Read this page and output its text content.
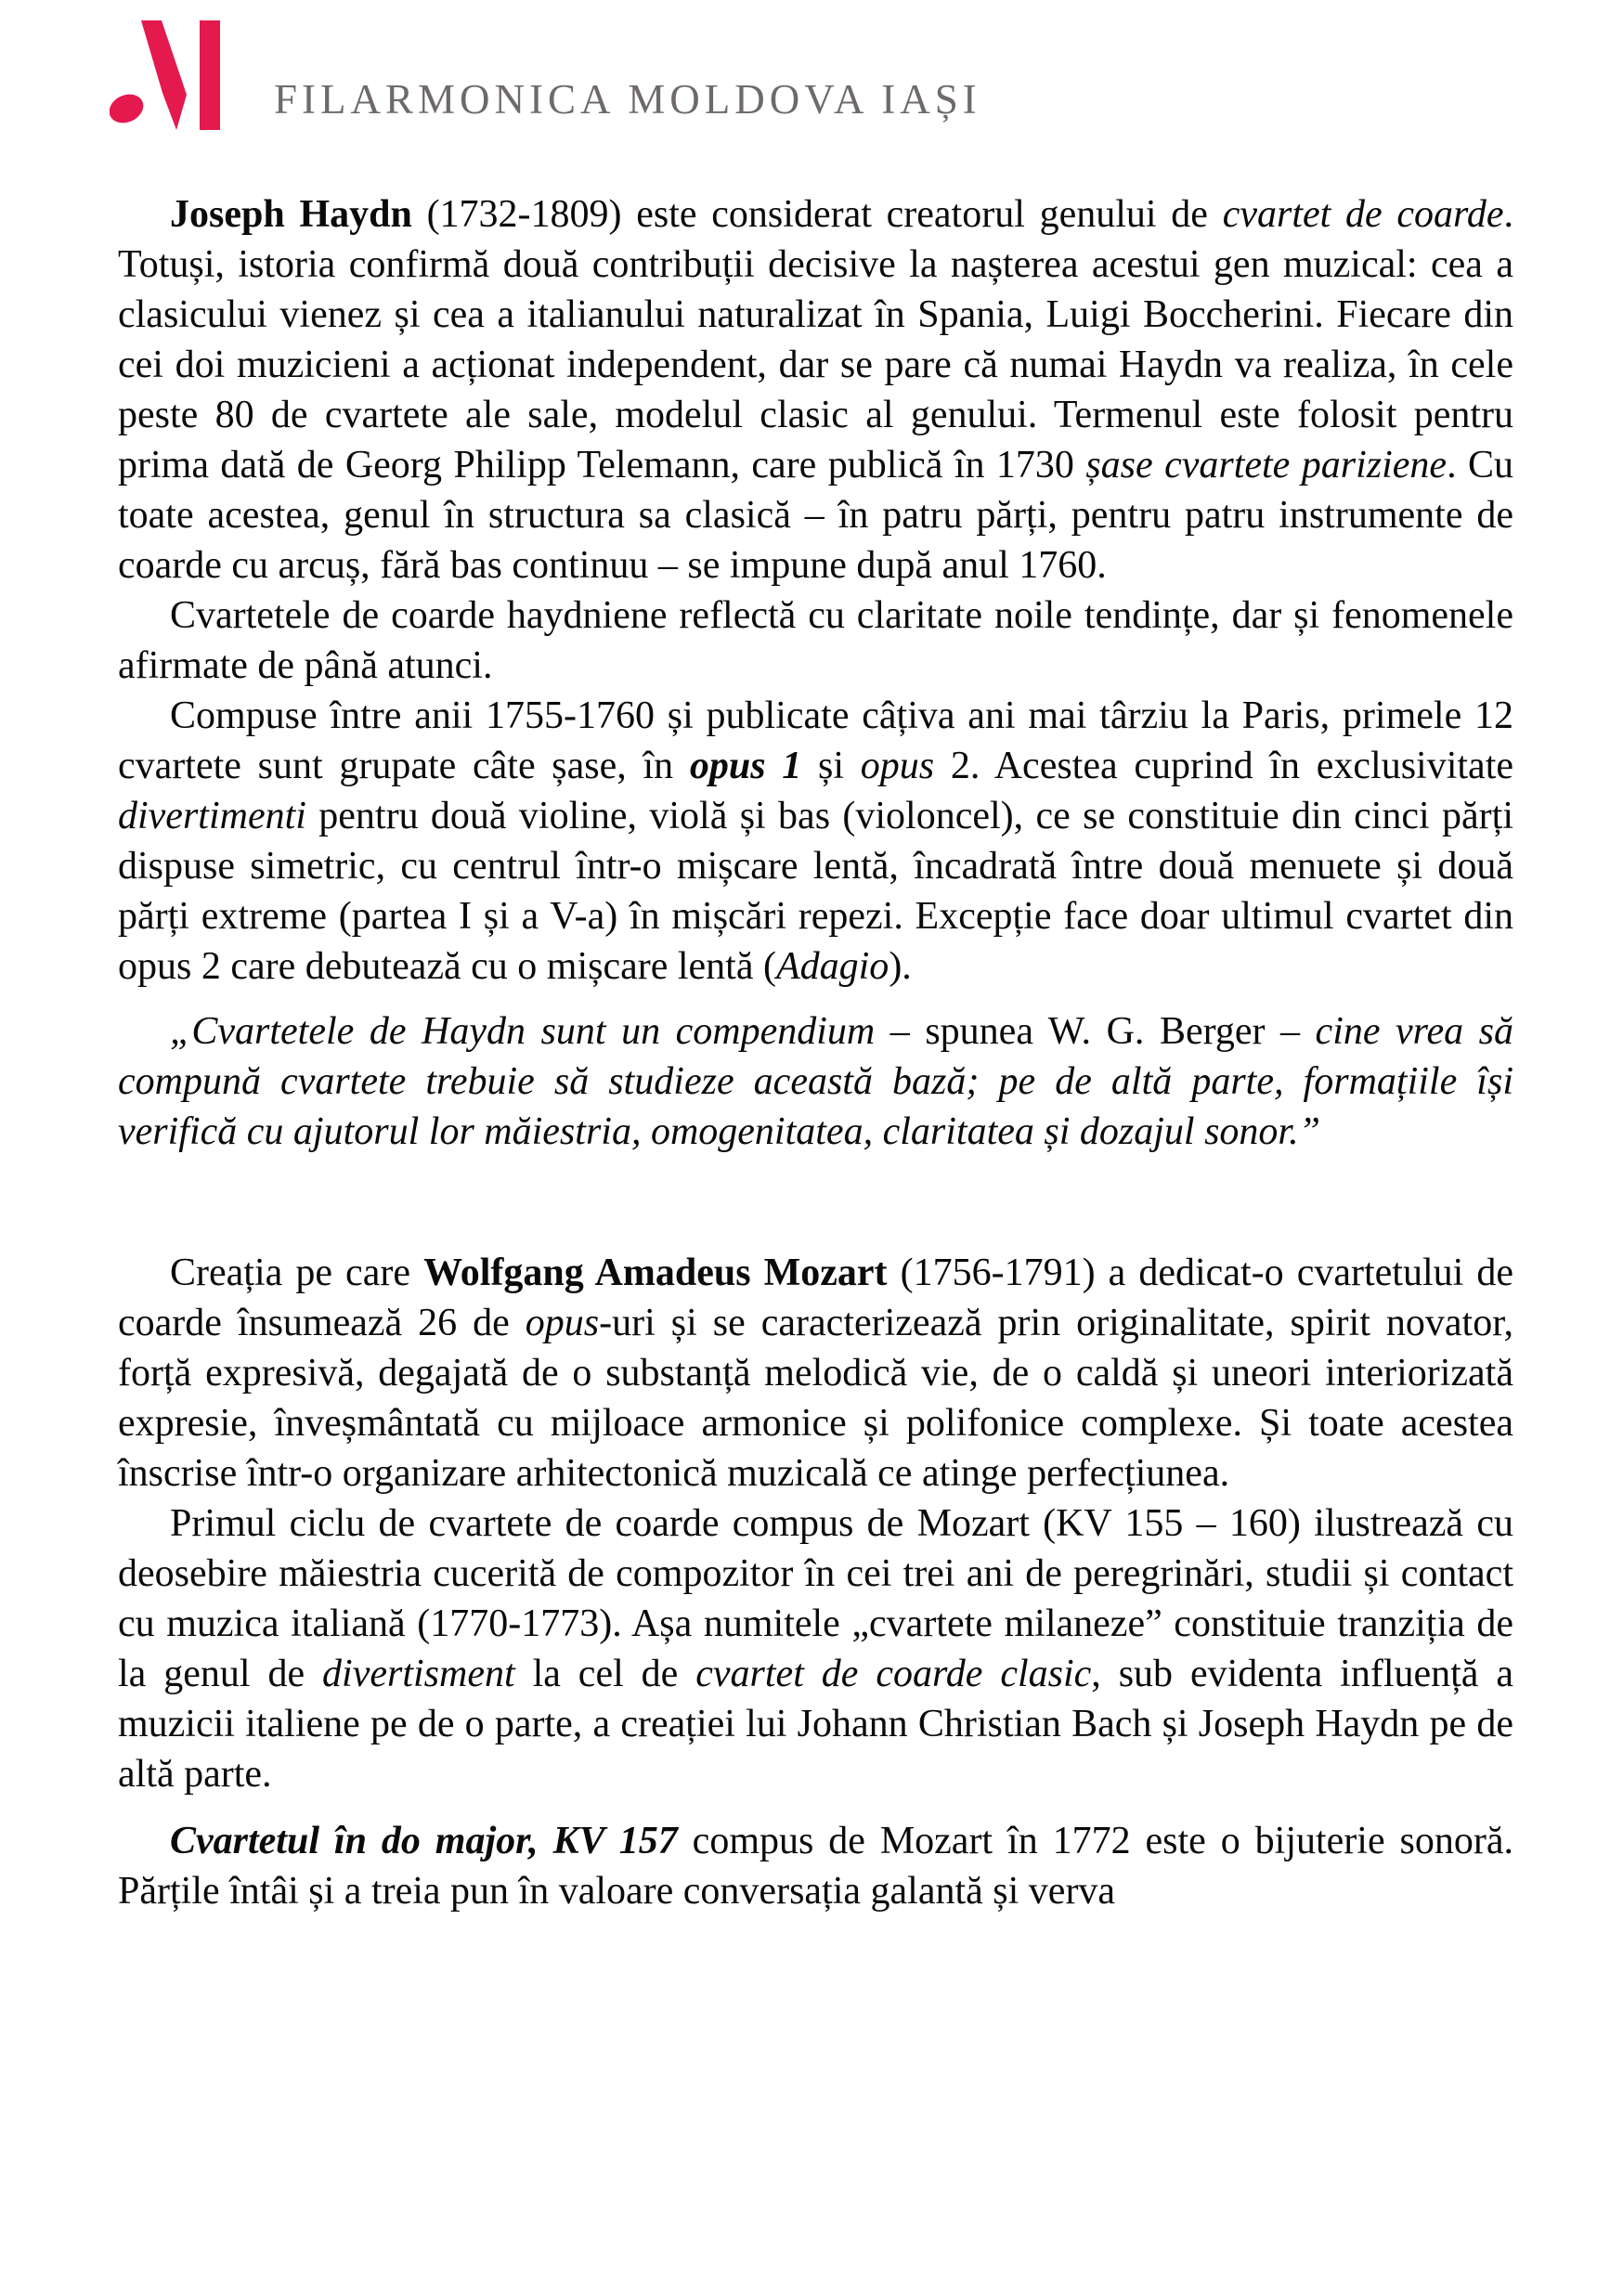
FILARMONICA MOLDOVA IAȘI

Joseph Haydn (1732-1809) este considerat creatorul genului de cvartet de coarde. Totuși, istoria confirmă două contribuții decisive la nașterea acestui gen muzical: cea a clasicului vienez și cea a italianului naturalizat în Spania, Luigi Boccherini. Fiecare din cei doi muzicieni a acționat independent, dar se pare că numai Haydn va realiza, în cele peste 80 de cvartete ale sale, modelul clasic al genului. Termenul este folosit pentru prima dată de Georg Philipp Telemann, care publică în 1730 șase cvartete pariziene. Cu toate acestea, genul în structura sa clasică – în patru părți, pentru patru instrumente de coarde cu arcuș, fără bas continuu – se impune după anul 1760.

Cvartetele de coarde haydniene reflectă cu claritate noile tendințe, dar și fenomenele afirmate de până atunci.

Compuse între anii 1755-1760 și publicate câțiva ani mai târziu la Paris, primele 12 cvartete sunt grupate câte șase, în opus 1 și opus 2. Acestea cuprind în exclusivitate divertimenti pentru două violine, violă și bas (violoncel), ce se constituie din cinci părți dispuse simetric, cu centrul într-o mișcare lentă, încadrată între două menuete și două părți extreme (partea I și a V-a) în mișcări repezi. Excepție face doar ultimul cvartet din opus 2 care debutează cu o mișcare lentă (Adagio).

„Cvartetele de Haydn sunt un compendium – spunea W. G. Berger – cine vrea să compună cvartete trebuie să studieze această bază; pe de altă parte, formațiile își verifică cu ajutorul lor măiestria, omogenitatea, claritatea și dozajul sonor.”

Creația pe care Wolfgang Amadeus Mozart (1756-1791) a dedicat-o cvartetului de coarde însumează 26 de opus-uri și se caracterizează prin originalitate, spirit novator, forță expresivă, degajată de o substanță melodică vie, de o caldă și uneori interiorizată expresie, înveșmântată cu mijloace armonice și polifonice complexe. Și toate acestea înscrise într-o organizare arhitectonică muzicală ce atinge perfecțiunea.

Primul ciclu de cvartete de coarde compus de Mozart (KV 155 – 160) ilustrează cu deosebire măiestria cucerită de compozitor în cei trei ani de peregrinări, studii și contact cu muzica italiană (1770-1773). Așa numitele „cvartete milaneze” constituie tranziția de la genul de divertisment la cel de cvartet de coarde clasic, sub evidenta influență a muzicii italiene pe de o parte, a creației lui Johann Christian Bach și Joseph Haydn pe de altă parte.

Cvartetul în do major, KV 157 compus de Mozart în 1772 este o bijuterie sonoră. Părțile întâi și a treia pun în valoare conversația galantă și verva
